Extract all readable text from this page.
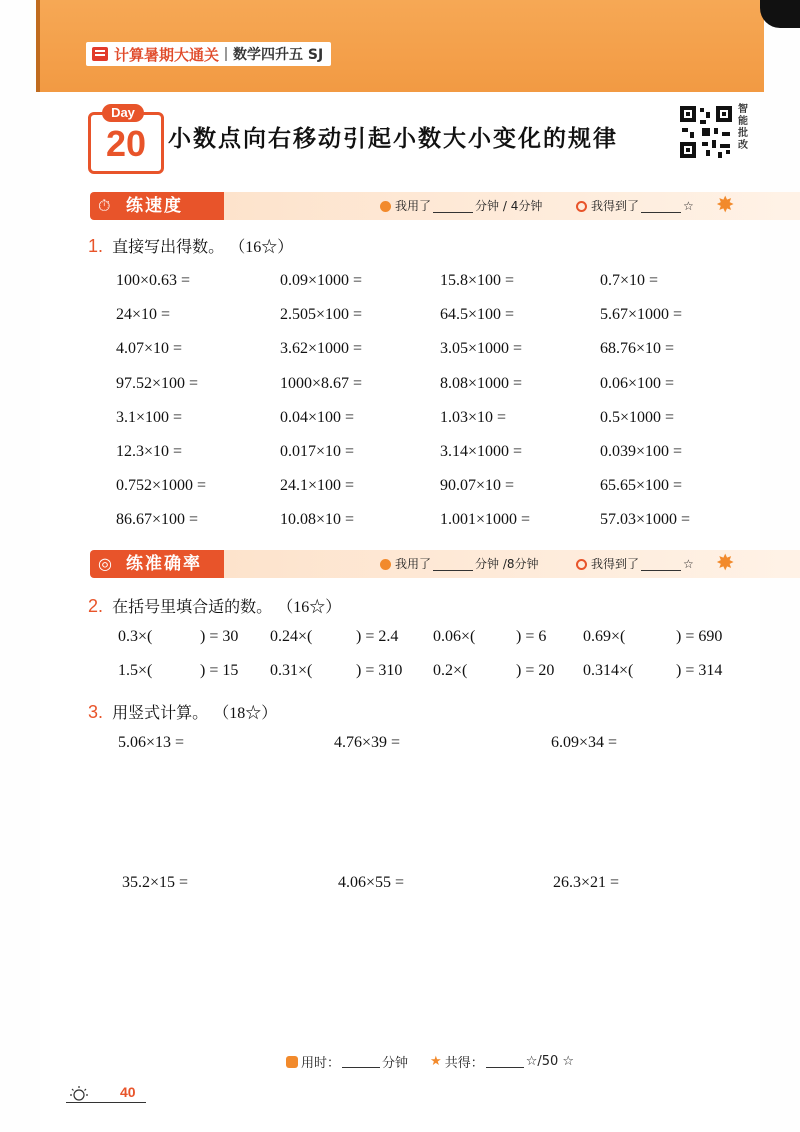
计算暑期大通关 数学四升五 SJ
Day
20 小数点向右移动引起小数大小变化的规律
智能批改
⏱ 练速度	我用了	分钟 / 4分钟	我得到了	☆ ✸
1. 直接写出得数。 （16☆）
100×0.63 =	0.09×1000 =	15.8×100 =	0.7×10 =
24×10 =	2.505×100 =	64.5×100 =	5.67×1000 =
4.07×10 =	3.62×1000 =	3.05×1000 =	68.76×10 =
97.52×100 =	1000×8.67 =	8.08×1000 =	0.06×100 =
3.1×100 =	0.04×100 =	1.03×10 =	0.5×1000 =
12.3×10 =	0.017×10 =	3.14×1000 =	0.039×100 =
0.752×1000 =	24.1×100 =	90.07×10 =	65.65×100 =
86.67×100 =	10.08×10 =	1.001×1000 =	57.03×1000 =
◎ 练准确率	我用了	分钟 /8分钟	我得到了	☆ ✸
2. 在括号里填合适的数。 （16☆）
0.3×(	) = 30 0.24×(	) = 2.4 0.06×(	) = 6 0.69×(	) = 690
1.5×(	) = 15 0.31×(	) = 310 0.2×(	) = 20 0.314×(	) = 314
3. 用竖式计算。 （18☆）
5.06×13 =	4.76×39 =	6.09×34 =
35.2×15 =	4.06×55 =	26.3×21 =
用时：	分钟 ★ 共得：	☆/50 ☆
40
